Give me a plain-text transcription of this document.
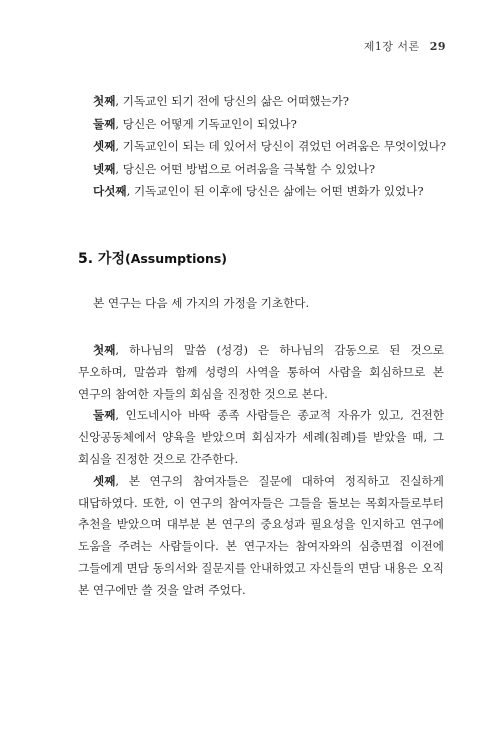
제1장 서론 29
첫째, 기독교인 되기 전에 당신의 삶은 어떠했는가?
둘째, 당신은 어떻게 기독교인이 되었나?
셋째, 기독교인이 되는 데 있어서 당신이 겪었던 어려움은 무엇이었나?
넷째, 당신은 어떤 방법으로 어려움을 극복할 수 있었나?
다섯째, 기독교인이 된 이후에 당신은 삶에는 어떤 변화가 있었나?
5. 가정(Assumptions)
본 연구는 다음 세 가지의 가정을 기초한다.

첫째, 하나님의 말씀 (성경) 은 하나님의 감동으로 된 것으로 무오하며, 말씀과 함께 성령의 사역을 통하여 사람을 회심하므로 본 연구의 참여한 자들의 회심을 진정한 것으로 본다.

둘째, 인도네시아 바딱 종족 사람들은 종교적 자유가 있고, 건전한 신앙공동체에서 양육을 받았으며 회심자가 세례(침례)를 받았을 때, 그 회심을 진정한 것으로 간주한다.

셋째, 본 연구의 참여자들은 질문에 대하여 정직하고 진실하게 대답하였다. 또한, 이 연구의 참여자들은 그들을 돌보는 목회자들로부터 추천을 받았으며 대부분 본 연구의 중요성과 필요성을 인지하고 연구에 도움을 주려는 사람들이다. 본 연구자는 참여자와의 심층면접 이전에 그들에게 면담 동의서와 질문지를 안내하였고 자신들의 면담 내용은 오직 본 연구에만 쓸 것을 알려 주었다.
